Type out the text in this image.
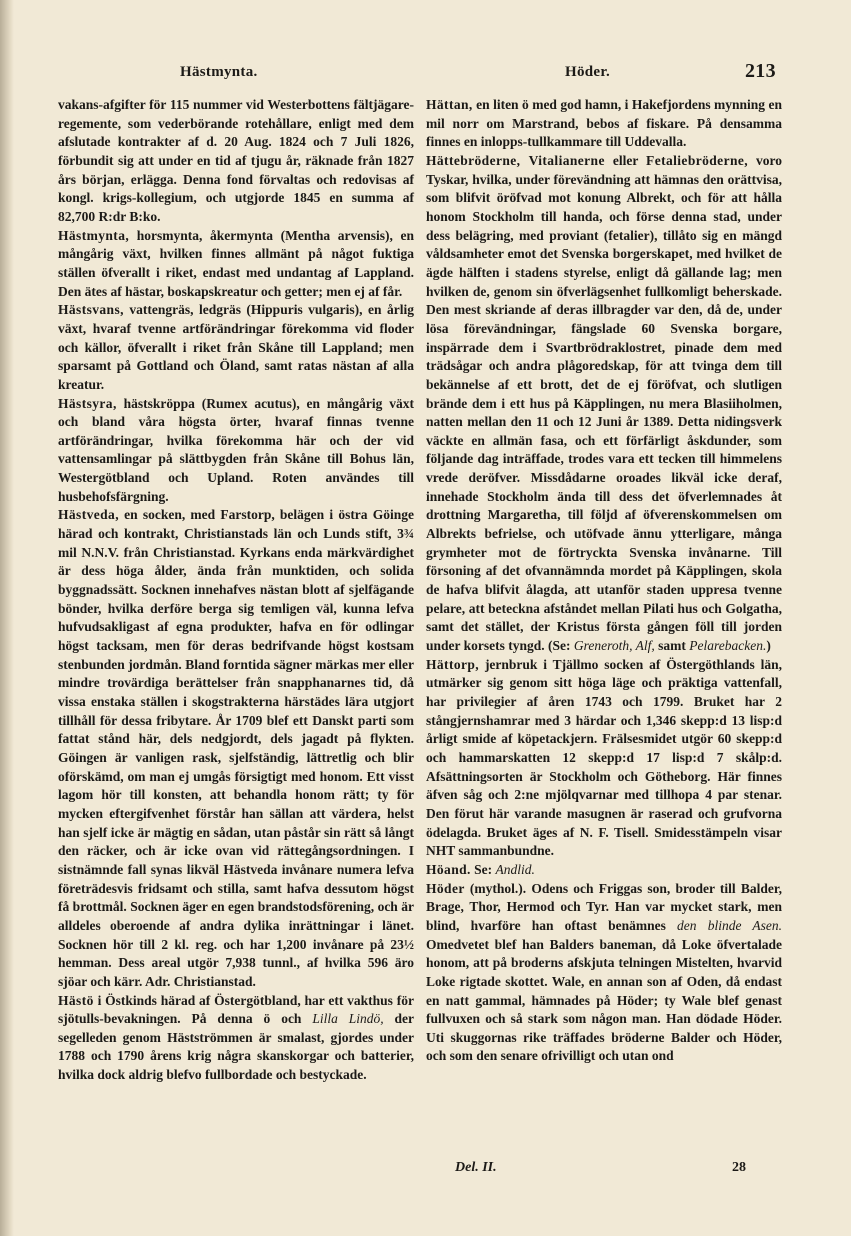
Hästmynta.	Höder.	213

vakans-afgifter för 115 nummer vid Westerbottens fältjägare-regemente, som vederbörande rotehållare, enligt med dem afslutade kontrakter af d. 20 Aug. 1824 och 7 Juli 1826, förbundit sig att under en tid af tjugu år, räknade från 1827 års början, erlägga. Denna fond förvaltas och redovisas af kongl. krigs-kollegium, och utgjorde 1845 en summa af 82,700 R:dr B:ko.

Hästmynta, horsmynta, åkermynta (Mentha arvensis), en mångårig växt, hvilken finnes allmänt på något fuktiga ställen öfverallt i riket, endast med undantag af Lappland. Den ätes af hästar, boskapskreatur och getter; men ej af får.

Hästsvans, vattengräs, ledgräs (Hippuris vulgaris), en årlig växt, hvaraf tvenne artförändringar förekomma vid floder och källor, öfverallt i riket från Skåne till Lappland; men sparsamt på Gottland och Öland, samt ratas nästan af alla kreatur.

Hästsyra, hästskröppa (Rumex acutus), en mångårig växt och bland våra högsta örter, hvaraf finnas tvenne artförändringar, hvilka förekomma här och der vid vattensamlingar på slättbygden från Skåne till Bohus län, Westergötbland och Upland. Roten användes till husbehofsfärgning.

Hästveda, en socken, med Farstorp, belägen i östra Göinge härad och kontrakt, Christianstads län och Lunds stift, 3¾ mil N.N.V. från Christianstad. Kyrkans enda märkvärdighet är dess höga ålder, ända från munktiden, och solida byggnadssätt. Socknen innehafves nästan blott af sjelfägande bönder, hvilka derföre berga sig temligen väl, kunna lefva hufvudsakligast af egna produkter, hafva en för odlingar högst tacksam, men för deras bedrifvande högst kostsam stenbunden jordmån. Bland forntida sägner märkas mer eller mindre trovärdiga berättelser från snapphanarnes tid, då vissa enstaka ställen i skogstrakterna härstädes lära utgjort tillhåll för dessa fribytare. År 1709 blef ett Danskt parti som fattat stånd här, dels nedgjordt, dels jagadt på flykten. Göingen är vanligen rask, sjelfständig, lättretlig och blir oförskämd, om man ej umgås försigtigt med honom. Ett visst lagom hör till konsten, att behandla honom rätt; ty för mycken eftergifvenhet förstår han sällan att värdera, helst han sjelf icke är mägtig en sådan, utan påstår sin rätt så långt den räcker, och är icke ovan vid rättegångsordningen. I sistnämnde fall synas likväl Hästveda invånare numera lefva företrädesvis fridsamt och stilla, samt hafva dessutom högst få brottmål. Socknen äger en egen brandstodsförening, och är alldeles oberoende af andra dylika inrättningar i länet. Socknen hör till 2 kl. reg. och har 1,200 invånare på 23½ hemman. Dess areal utgör 7,938 tunnl., af hvilka 596 äro sjöar och kärr. Adr. Christianstad.

Hästö i Östkinds härad af Östergötbland, har ett vakthus för sjötulls-bevakningen. På denna ö och Lilla Lindö, der segelleden genom Hästströmmen är smalast, gjordes under 1788 och 1790 årens krig några skanskorgar och batterier, hvilka dock aldrig blefvo fullbordade och bestyckade.

Hättan, en liten ö med god hamn, i Hakefjordens mynning en mil norr om Marstrand, bebos af fiskare. På densamma finnes en inlopps-tullkammare till Uddevalla.

Hättebröderne, Vitalianerne eller Fetaliebröderne, voro Tyskar, hvilka, under förevändning att hämnas den orättvisa, som blifvit öröfvad mot konung Albrekt, och för att hålla honom Stockholm till handa, och förse denna stad, under dess belägring, med proviant (fetalier), tillåto sig en mängd våldsamheter emot det Svenska borgerskapet, med hvilket de ägde hälften i stadens styrelse, enligt då gällande lag; men hvilken de, genom sin öfverlägsenhet fullkomligt beherskade. Den mest skriande af deras illbragder var den, då de, under lösa förevändningar, fängslade 60 Svenska borgare, inspärrade dem i Svartbrödraklostret, pinade dem med trädsågar och andra plågoredskap, för att tvinga dem till bekännelse af ett brott, det de ej föröfvat, och slutligen brände dem i ett hus på Käpplingen, nu mera Blasiiholmen, natten mellan den 11 och 12 Juni år 1389. Detta nidingsverk väckte en allmän fasa, och ett förfärligt åskdunder, som följande dag inträffade, trodes vara ett tecken till himmelens vrede deröfver. Missdådarne oroades likväl icke deraf, innehade Stockholm ända till dess det öfverlemnades åt drottning Margaretha, till följd af öfverenskommelsen om Albrekts befrielse, och utöfvade ännu ytterligare, många grymheter mot de förtryckta Svenska invånarne. Till försoning af det ofvannämnda mordet på Käpplingen, skola de hafva blifvit ålagda, att utanför staden uppresa tvenne pelare, att beteckna afståndet mellan Pilati hus och Golgatha, samt det stället, der Kristus första gången föll till jorden under korsets tyngd. (Se: Greneroth, Alf, samt Pelarebacken.)

Hättorp, jernbruk i Tjällmo socken af Östergöthlands län, utmärker sig genom sitt höga läge och präktiga vattenfall, har privilegier af åren 1743 och 1799. Bruket har 2 stångjernshamrar med 3 härdar och 1,346 skepp:d 13 lisp:d årligt smide af köpetackjern. Frälsesmidet utgör 60 skepp:d och hammarskatten 12 skepp:d 17 lisp:d 7 skålp:d. Afsättningsorten är Stockholm och Götheborg. Här finnes äfven såg och 2:ne mjölqvarnar med tillhopa 4 par stenar. Den förut här varande masugnen är raserad och grufvorna ödelagda. Bruket äges af N. F. Tisell. Smidesstämpeln visar NHT sammanbundne.

Höand. Se: Andlid.

Höder (mythol.). Odens och Friggas son, broder till Balder, Brage, Thor, Hermod och Tyr. Han var mycket stark, men blind, hvarföre han oftast benämnes den blinde Asen. Omedvetet blef han Balders baneman, då Loke öfvertalade honom, att på broderns afskjuta telningen Mistelten, hvarvid Loke rigtade skottet. Wale, en annan son af Oden, då endast en natt gammal, hämnades på Höder; ty Wale blef genast fullvuxen och så stark som någon man. Han dödade Höder. Uti skuggornas rike träffades bröderne Balder och Höder, och som den senare ofrivilligt och utan ond

Del. II.	28
